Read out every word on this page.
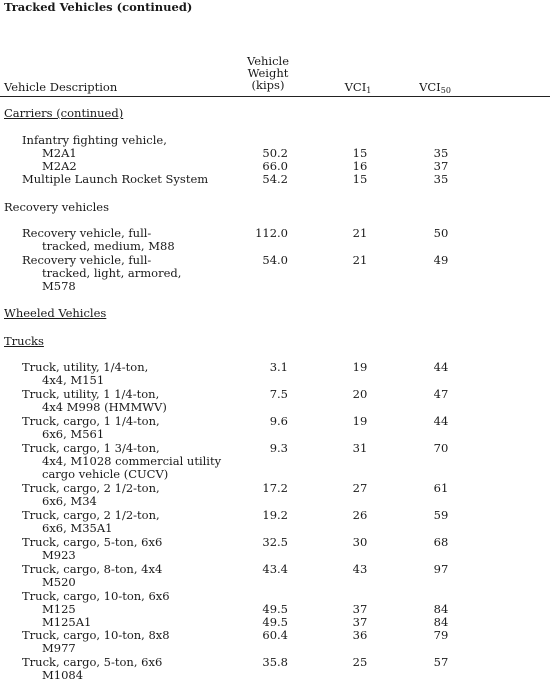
Tracked Vehicles (continued)
Vehicle Description
Vehicle
Weight
(kips)	$VCI_1$	$VCI_{50}$
Carriers (continued)
Recovery vehicles
Wheeled Vehicles
Trucks
Infantry fighting vehicle,
M2A1	50.2	15	35
M2A2	66.0	16	37
Multiple Launch Rocket System	54.2	15	35
Recovery vehicle, full-
tracked, medium, M88
112.0	21	50
Recovery vehicle, full-
tracked, light, armored,
M578
54.0	21	49
Truck, utility, 1/4-ton,
4x4, M151
3.1	19	44
Truck, utility, 1 1/4-ton,
4x4 M998 (HMMWV)
7.5	20	47
Truck, cargo, 1 1/4-ton,
6x6, M561
9.6	19	44
Truck, cargo, 1 3/4-ton,
4x4, M1028 commercial utility
cargo vehicle (CUCV)
9.3	31	70
Truck, cargo, 2 1/2-ton,
6x6, M34
17.2	27	61
Truck, cargo, 2 1/2-ton,
6x6, M35A1
19.2	26	59
Truck, cargo, 5-ton, 6x6
M923
32.5	30	68
Truck, cargo, 8-ton, 4x4
M520
43.4	43	97
Truck, cargo, 10-ton, 6x6
M125	49.5	37	84
M125A1	49.5	37	84
Truck, cargo, 10-ton, 8x8
M977
60.4	36	79
Truck, cargo, 5-ton, 6x6
M1084
35.8	25	57
